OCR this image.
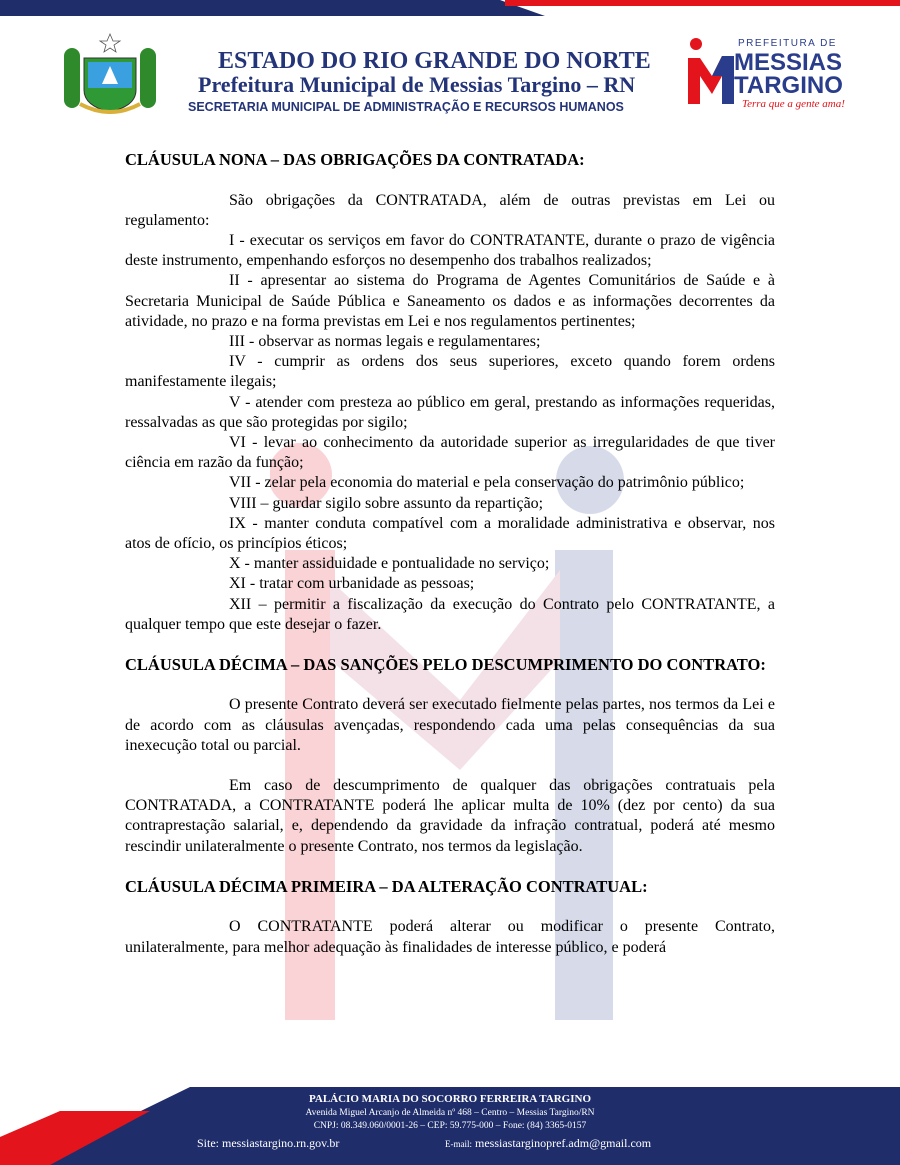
ESTADO DO RIO GRANDE DO NORTE
Prefeitura Municipal de Messias Targino – RN
SECRETARIA MUNICIPAL DE ADMINISTRAÇÃO E RECURSOS HUMANOS
PREFEITURA DE
MESSIAS
TARGINO
Terra que a gente ama!
CLÁUSULA NONA – DAS OBRIGAÇÕES DA CONTRATADA:

São obrigações da CONTRATADA, além de outras previstas em Lei ou regulamento:

I - executar os serviços em favor do CONTRATANTE, durante o prazo de vigência deste instrumento, empenhando esforços no desempenho dos trabalhos realizados;

II - apresentar ao sistema do Programa de Agentes Comunitários de Saúde e à Secretaria Municipal de Saúde Pública e Saneamento os dados e as informações decorrentes da atividade, no prazo e na forma previstas em Lei e nos regulamentos pertinentes;

III - observar as normas legais e regulamentares;

IV - cumprir as ordens dos seus superiores, exceto quando forem ordens manifestamente ilegais;

V - atender com presteza ao público em geral, prestando as informações requeridas, ressalvadas as que são protegidas por sigilo;

VI - levar ao conhecimento da autoridade superior as irregularidades de que tiver ciência em razão da função;

VII - zelar pela economia do material e pela conservação do patrimônio público;

VIII – guardar sigilo sobre assunto da repartição;

IX - manter conduta compatível com a moralidade administrativa e observar, nos atos de ofício, os princípios éticos;

X - manter assiduidade e pontualidade no serviço;

XI - tratar com urbanidade as pessoas;

XII – permitir a fiscalização da execução do Contrato pelo CONTRATANTE, a qualquer tempo que este desejar o fazer.

CLÁUSULA DÉCIMA – DAS SANÇÕES PELO DESCUMPRIMENTO DO CONTRATO:

O presente Contrato deverá ser executado fielmente pelas partes, nos termos da Lei e de acordo com as cláusulas avençadas, respondendo cada uma pelas consequências da sua inexecução total ou parcial.

Em caso de descumprimento de qualquer das obrigações contratuais pela CONTRATADA, a CONTRATANTE poderá lhe aplicar multa de 10% (dez por cento) da sua contraprestação salarial, e, dependendo da gravidade da infração contratual, poderá até mesmo rescindir unilateralmente o presente Contrato, nos termos da legislação.

CLÁUSULA DÉCIMA PRIMEIRA – DA ALTERAÇÃO CONTRATUAL:

O CONTRATANTE poderá alterar ou modificar o presente Contrato, unilateralmente, para melhor adequação às finalidades de interesse público, e poderá

PALÁCIO MARIA DO SOCORRO FERREIRA TARGINO
Avenida Miguel Arcanjo de Almeida nº 468 – Centro – Messias Targino/RN
CNPJ: 08.349.060/0001-26 – CEP: 59.775-000 – Fone: (84) 3365-0157
Site: messiastargino.rn.gov.br	E-mail: messiastarginopref.adm@gmail.com
